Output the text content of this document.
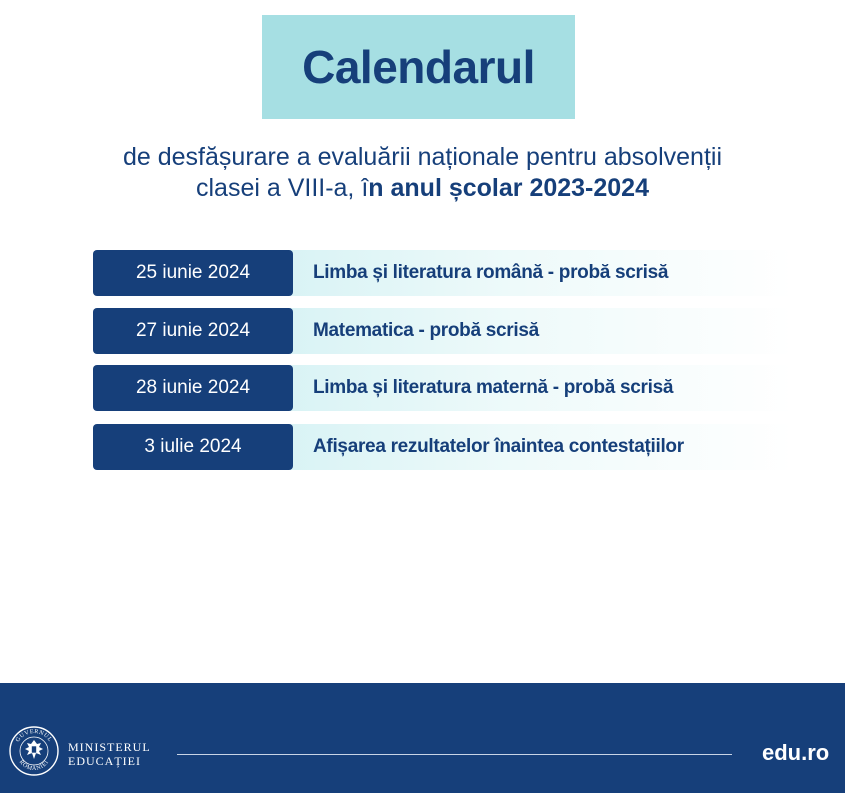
Calendarul
de desfășurare a evaluării naționale pentru absolvenții
clasei a VIII-a, în anul școlar 2023-2024
25 iunie 2024	Limba și literatura română - probă scrisă
27 iunie 2024	Matematica - probă scrisă
28 iunie 2024	Limba și literatura maternă - probă scrisă
3 iulie 2024	Afișarea rezultatelor înaintea contestațiilor
GUVERNUL
ROMÂNIEI
MINISTERUL
EDUCAȚIEI	edu.ro
